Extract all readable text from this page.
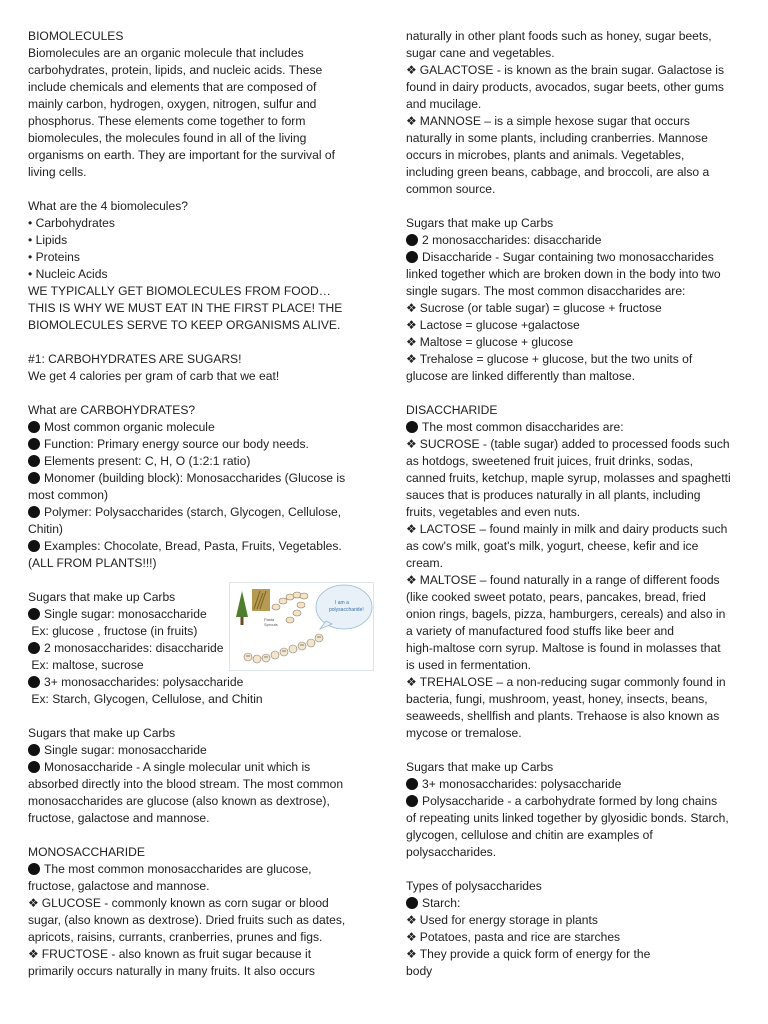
BIOMOLECULES
Biomolecules are an organic molecule that includes
carbohydrates, protein, lipids, and nucleic acids. These
include chemicals and elements that are composed of
mainly carbon, hydrogen, oxygen, nitrogen, sulfur and
phosphorus. These elements come together to form
biomolecules, the molecules found in all of the living
organisms on earth. They are important for the survival of
living cells.
What are the 4 biomolecules?
• Carbohydrates
• Lipids
• Proteins
• Nucleic Acids
WE TYPICALLY GET BIOMOLECULES FROM FOOD…
THIS IS WHY WE MUST EAT IN THE FIRST PLACE! THE
BIOMOLECULES SERVE TO KEEP ORGANISMS ALIVE.
#1: CARBOHYDRATES ARE SUGARS!
We get 4 calories per gram of carb that we eat!
What are CARBOHYDRATES?
Most common organic molecule
Function: Primary energy source our body needs.
Elements present: C, H, O (1:2:1 ratio)
Monomer (building block): Monosaccharides (Glucose is
most common)
Polymer: Polysaccharides (starch, Glycogen, Cellulose,
Chitin)
Examples: Chocolate, Bread, Pasta, Fruits, Vegetables.
(ALL FROM PLANTS!!!)
Sugars that make up Carbs
Single sugar: monosaccharide
Ex: glucose , fructose (in fruits)
2 monosaccharides: disaccharide
Ex: maltose, sucrose
3+ monosaccharides: polysaccharide
Ex: Starch, Glycogen, Cellulose, and Chitin
Sugars that make up Carbs
Single sugar: monosaccharide
Monosaccharide - A single molecular unit which is
absorbed directly into the blood stream. The most common
monosaccharides are glucose (also known as dextrose),
fructose, galactose and mannose.
MONOSACCHARIDE
The most common monosaccharides are glucose,
fructose, galactose and mannose.
❖ GLUCOSE - commonly known as corn sugar or blood
sugar, (also known as dextrose). Dried fruits such as dates,
apricots, raisins, currants, cranberries, prunes and figs.
❖ FRUCTOSE - also known as fruit sugar because it
primarily occurs naturally in many fruits. It also occurs
naturally in other plant foods such as honey, sugar beets,
sugar cane and vegetables.
❖ GALACTOSE - is known as the brain sugar. Galactose is
found in dairy products, avocados, sugar beets, other gums
and mucilage.
❖ MANNOSE – is a simple hexose sugar that occurs
naturally in some plants, including cranberries. Mannose
occurs in microbes, plants and animals. Vegetables,
including green beans, cabbage, and broccoli, are also a
common source.
Sugars that make up Carbs
2 monosaccharides: disaccharide
Disaccharide - Sugar containing two monosaccharides
linked together which are broken down in the body into two
single sugars. The most common disaccharides are:
❖ Sucrose (or table sugar) = glucose + fructose
❖ Lactose = glucose +galactose
❖ Maltose = glucose + glucose
❖ Trehalose = glucose + glucose, but the two units of
glucose are linked differently than maltose.
DISACCHARIDE
The most common disaccharides are:
❖ SUCROSE - (table sugar) added to processed foods such
as hotdogs, sweetened fruit juices, fruit drinks, sodas,
canned fruits, ketchup, maple syrup, molasses and spaghetti
sauces that is produces naturally in all plants, including
fruits, vegetables and even nuts.
❖ LACTOSE – found mainly in milk and dairy products such
as cow's milk, goat's milk, yogurt, cheese, kefir and ice
cream.
❖ MALTOSE – found naturally in a range of different foods
(like cooked sweet potato, pears, pancakes, bread, fried
onion rings, bagels, pizza, hamburgers, cereals) and also in
a variety of manufactured food stuffs like beer and
high-maltose corn syrup. Maltose is found in molasses that
is used in fermentation.
❖ TREHALOSE – a non-reducing sugar commonly found in
bacteria, fungi, mushroom, yeast, honey, insects, beans,
seaweeds, shellfish and plants. Trehaose is also known as
mycose or tremalose.
Sugars that make up Carbs
3+ monosaccharides: polysaccharide
Polysaccharide - a carbohydrate formed by long chains
of repeating units linked together by glyosidic bonds. Starch,
glycogen, cellulose and chitin are examples of
polysaccharides.
Types of polysaccharides
Starch:
❖ Used for energy storage in plants
❖ Potatoes, pasta and rice are starches
❖ They provide a quick form of energy for the
body
Pasta
Sprouts
I am a
polysaccharide!
